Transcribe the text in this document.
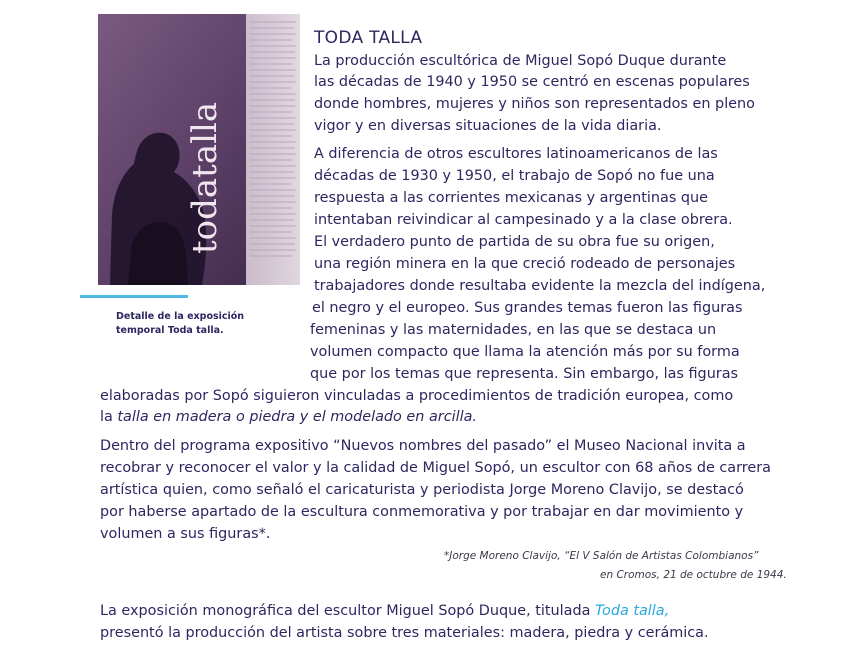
todatalla
Detalle de la exposición
temporal Toda talla.
TODA TALLA
La producción escultórica de Miguel Sopó Duque durante
las décadas de 1940 y 1950 se centró en escenas populares
donde hombres, mujeres y niños son representados en pleno
vigor y en diversas situaciones de la vida diaria.
A diferencia de otros escultores latinoamericanos de las
décadas de 1930 y 1950, el trabajo de Sopó no fue una
respuesta a las corrientes mexicanas y argentinas que
intentaban reivindicar al campesinado y a la clase obrera.
El verdadero punto de partida de su obra fue su origen,
una región minera en la que creció rodeado de personajes
trabajadores donde resultaba evidente la mezcla del indígena,
el negro y el europeo. Sus grandes temas fueron las figuras
femeninas y las maternidades, en las que se destaca un
volumen compacto que llama la atención más por su forma
que por los temas que representa. Sin embargo, las figuras
elaboradas por Sopó siguieron vinculadas a procedimientos de tradición europea, como
la talla en madera o piedra y el modelado en arcilla.
Dentro del programa expositivo “Nuevos nombres del pasado” el Museo Nacional invita a
recobrar y reconocer el valor y la calidad de Miguel Sopó, un escultor con 68 años de carrera
artística quien, como señaló el caricaturista y periodista Jorge Moreno Clavijo, se destacó
por haberse apartado de la escultura conmemorativa y por trabajar en dar movimiento y
volumen a sus figuras*.
*Jorge Moreno Clavijo, “El V Salón de Artistas Colombianos”
en Cromos, 21 de octubre de 1944.
La exposición monográfica del escultor Miguel Sopó Duque, titulada Toda talla,
presentó la producción del artista sobre tres materiales: madera, piedra y cerámica.
